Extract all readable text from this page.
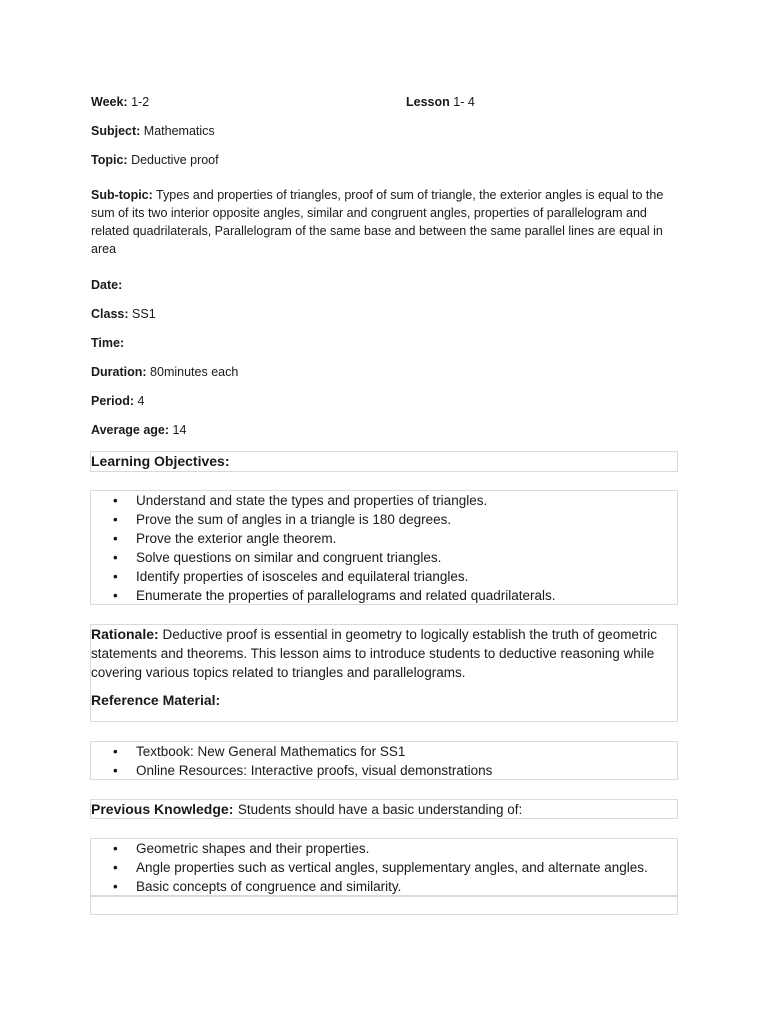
Week: 1-2	Lesson 1- 4
Subject: Mathematics
Topic: Deductive proof
Sub-topic: Types and properties of triangles, proof of sum of triangle, the exterior angles is equal to the sum of its two interior opposite angles, similar and congruent angles, properties of parallelogram and related quadrilaterals, Parallelogram of the same base and between the same parallel lines are equal in area
Date:
Class: SS1
Time:
Duration: 80minutes each
Period: 4
Average age: 14
Learning Objectives:
• Understand and state the types and properties of triangles.
• Prove the sum of angles in a triangle is 180 degrees.
• Prove the exterior angle theorem.
• Solve questions on similar and congruent triangles.
• Identify properties of isosceles and equilateral triangles.
• Enumerate the properties of parallelograms and related quadrilaterals.
Rationale: Deductive proof is essential in geometry to logically establish the truth of geometric statements and theorems. This lesson aims to introduce students to deductive reasoning while covering various topics related to triangles and parallelograms.
Reference Material:
• Textbook: New General Mathematics for SS1
• Online Resources: Interactive proofs, visual demonstrations
Previous Knowledge: Students should have a basic understanding of:
• Geometric shapes and their properties.
• Angle properties such as vertical angles, supplementary angles, and alternate angles.
• Basic concepts of congruence and similarity.
